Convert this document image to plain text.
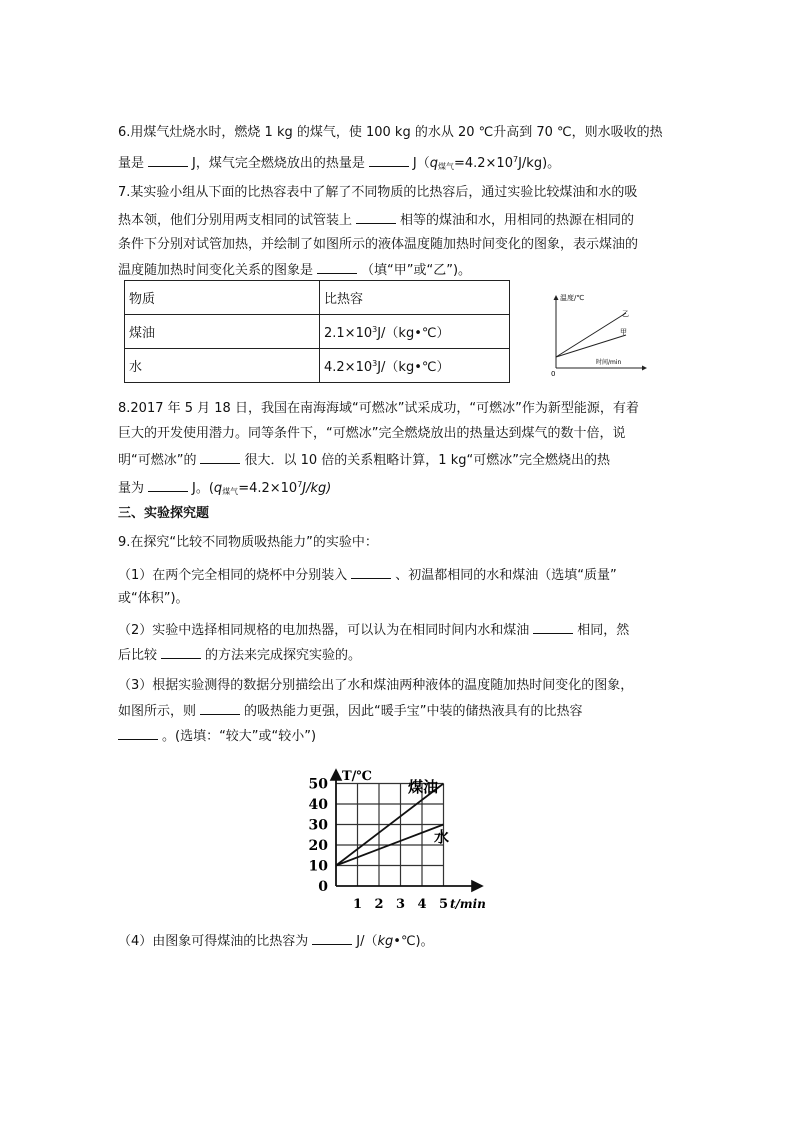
6.用煤气灶烧水时，燃烧 1 kg 的煤气，使 100 kg 的水从 20 ℃升高到 70 ℃，则水吸收的热
量是	J，煤气完全燃烧放出的热量是	$J(q_{煤气}=4.2\times 10^7J/kg)$。
7.某实验小组从下面的比热容表中了解了不同物质的比热容后，通过实验比较煤油和水的吸
热本领，他们分别用两支相同的试管装上	相等的煤油和水，用相同的热源在相同的
条件下分别对试管加热，并绘制了如图所示的液体温度随加热时间变化的图象，表示煤油的
温度随加热时间变化关系的图象是	（填“甲”或“乙”)。
物质	比热容
煤油	$2.1\times 10^3J/(kg•℃)$
水	$4.2\times 10^3J/(kg•℃)$
温度/℃
时间/min
0
乙
甲
8.2017 年 5 月 18 日，我国在南海海域“可燃冰”试采成功，“可燃冰”作为新型能源，有着
巨大的开发使用潜力。同等条件下，“可燃冰”完全燃烧放出的热量达到煤气的数十倍，说
明“可燃冰”的	很大．以 10 倍的关系粗略计算，1 kg“可燃冰”完全燃烧出的热
量为	J。$(q_{煤气}=4.2\times 10^7J/kg)$
三、实验探究题
9.在探究“比较不同物质吸热能力”的实验中：
（1）在两个完全相同的烧杯中分别装入	、初温都相同的水和煤油（选填“质量”
或“体积”)。
（2）实验中选择相同规格的电加热器，可以认为在相同时间内水和煤油	相同，然
后比较	的方法来完成探究实验的。
（3）根据实验测得的数据分别描绘出了水和煤油两种液体的温度随加热时间变化的图象，
如图所示，则	的吸热能力更强，因此“暖手宝”中装的储热液具有的比热容
。(选填：“较大”或“较小”)
T/℃
t/min
0
10
20
30
40
50
1 2 3 4 5
煤油
水
（4）由图象可得煤油的比热容为	J/（kg•℃)。
